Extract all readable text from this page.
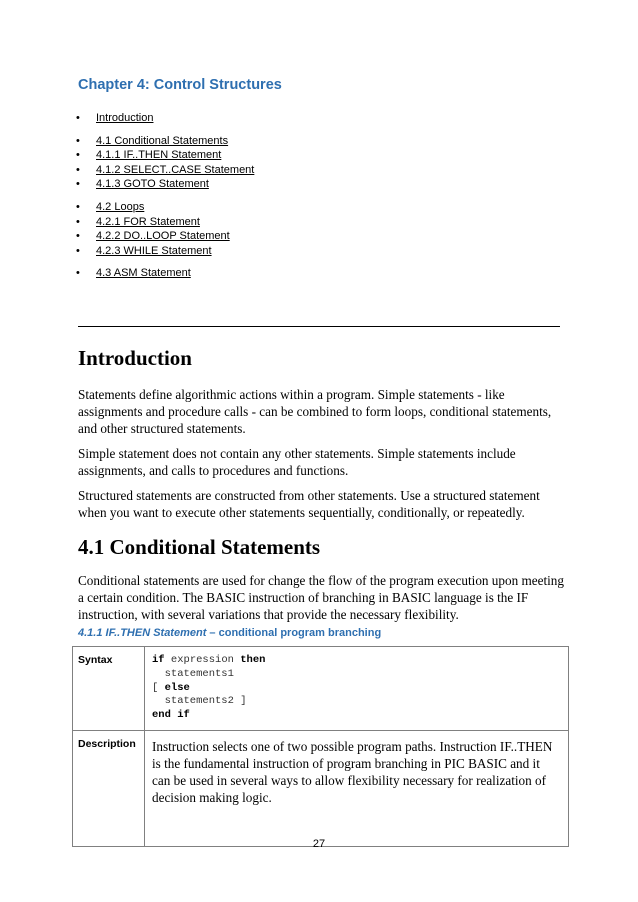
Chapter 4: Control Structures
• Introduction
• 4.1 Conditional Statements
• 4.1.1 IF..THEN Statement
• 4.1.2 SELECT..CASE Statement
• 4.1.3 GOTO Statement
• 4.2 Loops
• 4.2.1 FOR Statement
• 4.2.2 DO..LOOP Statement
• 4.2.3 WHILE Statement
• 4.3 ASM Statement
Introduction

Statements define algorithmic actions within a program. Simple statements - like assignments and procedure calls - can be combined to form loops, conditional statements, and other structured statements.

Simple statement does not contain any other statements. Simple statements include assignments, and calls to procedures and functions.

Structured statements are constructed from other statements. Use a structured statement when you want to execute other statements sequentially, conditionally, or repeatedly.

4.1 Conditional Statements

Conditional statements are used for change the flow of the program execution upon meeting a certain condition. The BASIC instruction of branching in BASIC language is the IF instruction, with several variations that provide the necessary flexibility.

4.1.1 IF..THEN Statement – conditional program branching

Syntax	if expression then
statements1
[ else
statements2 ]
end if

Description	Instruction selects one of two possible program paths. Instruction IF..THEN is the fundamental instruction of program branching in PIC BASIC and it can be used in several ways to allow flexibility necessary for realization of decision making logic.

27
